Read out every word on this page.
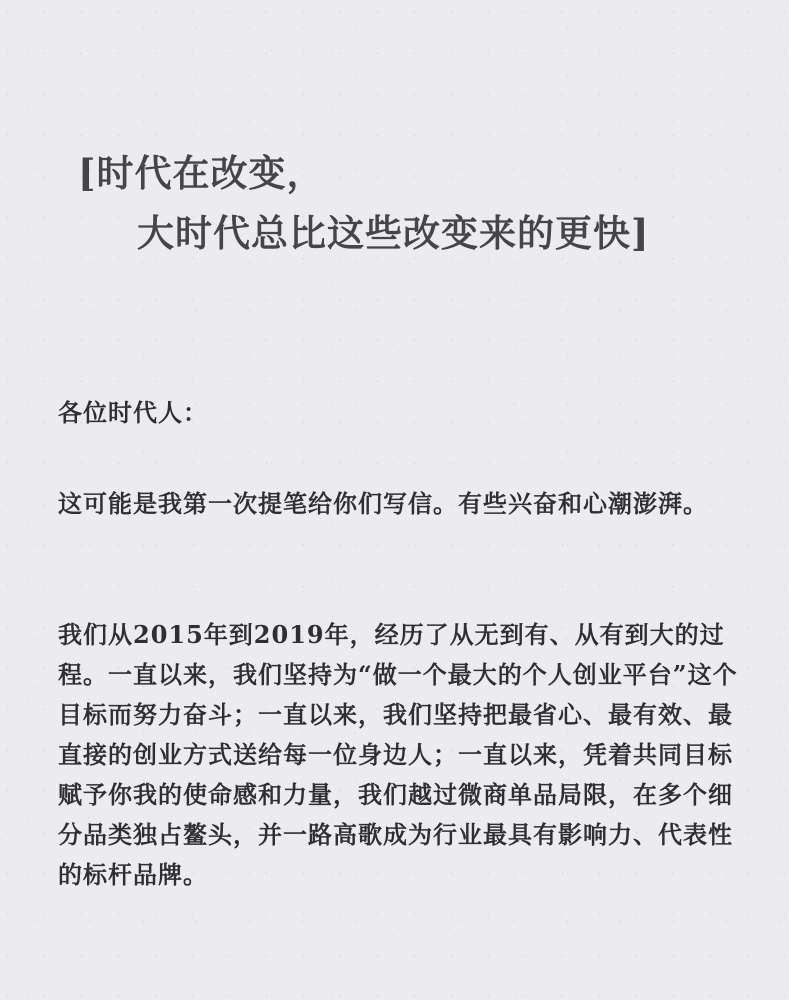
[时代在改变，
大时代总比这些改变来的更快]

各位时代人：

这可能是我第一次提笔给你们写信。有些兴奋和心潮澎湃。

我们从2015年到2019年，经历了从无到有、从有到大的过程。一直以来，我们坚持为“做一个最大的个人创业平台”这个目标而努力奋斗；一直以来，我们坚持把最省心、最有效、最直接的创业方式送给每一位身边人；一直以来，凭着共同目标赋予你我的使命感和力量，我们越过微商单品局限，在多个细分品类独占鳌头，并一路高歌成为行业最具有影响力、代表性的标杆品牌。
